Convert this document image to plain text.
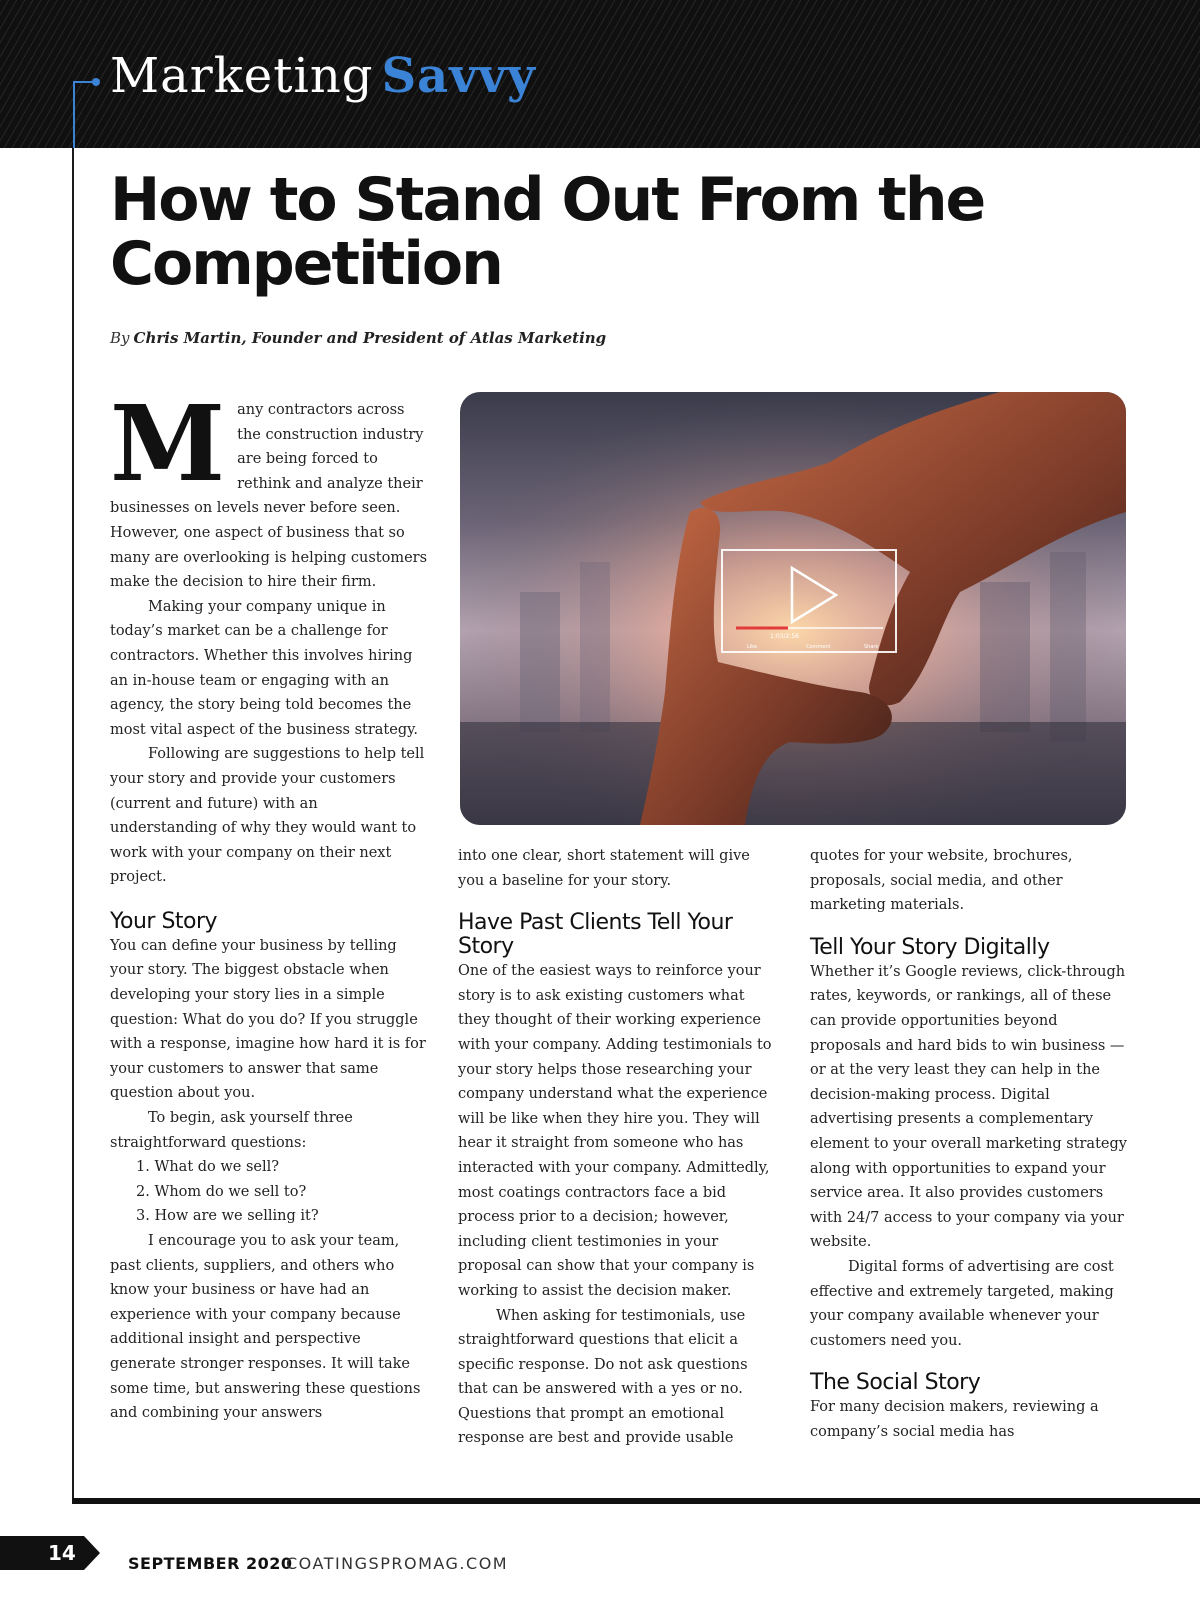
Marketing Savvy
How to Stand Out From the Competition
By Chris Martin, Founder and President of Atlas Marketing
M any contractors across the construction industry are being forced to rethink and analyze their businesses on levels never before seen. However, one aspect of business that so many are overlooking is helping customers make the decision to hire their firm.

Making your company unique in today’s market can be a challenge for contractors. Whether this involves hiring an in-house team or engaging with an agency, the story being told becomes the most vital aspect of the business strategy.

Following are suggestions to help tell your story and provide your customers (current and future) with an understanding of why they would want to work with your company on their next project.

Your Story

You can define your business by telling your story. The biggest obstacle when developing your story lies in a simple question: What do you do? If you struggle with a response, imagine how hard it is for your customers to answer that same question about you.

To begin, ask yourself three straightforward questions:

1. What do we sell?
2. Whom do we sell to?
3. How are we selling it?

I encourage you to ask your team, past clients, suppliers, and others who know your business or have had an experience with your company because additional insight and perspective generate stronger responses. It will take some time, but answering these questions and combining your answers

1:03/2:56
Like	Comment	Share

into one clear, short statement will give you a baseline for your story.

Have Past Clients Tell Your Story

One of the easiest ways to reinforce your story is to ask existing customers what they thought of their working experience with your company. Adding testimonials to your story helps those researching your company understand what the experience will be like when they hire you. They will hear it straight from someone who has interacted with your company. Admittedly, most coatings contractors face a bid process prior to a decision; however, including client testimonies in your proposal can show that your company is working to assist the decision maker.

When asking for testimonials, use straightforward questions that elicit a specific response. Do not ask questions that can be answered with a yes or no. Questions that prompt an emotional response are best and provide usable

quotes for your website, brochures, proposals, social media, and other marketing materials.

Tell Your Story Digitally

Whether it’s Google reviews, click-through rates, keywords, or rankings, all of these can provide opportunities beyond proposals and hard bids to win business — or at the very least they can help in the decision-making process. Digital advertising presents a complementary element to your overall marketing strategy along with opportunities to expand your service area. It also provides customers with 24/7 access to your company via your website.

Digital forms of advertising are cost effective and extremely targeted, making your company available whenever your customers need you.

The Social Story

For many decision makers, reviewing a company’s social media has

14	SEPTEMBER 2020
COATINGSPROMAG.COM
